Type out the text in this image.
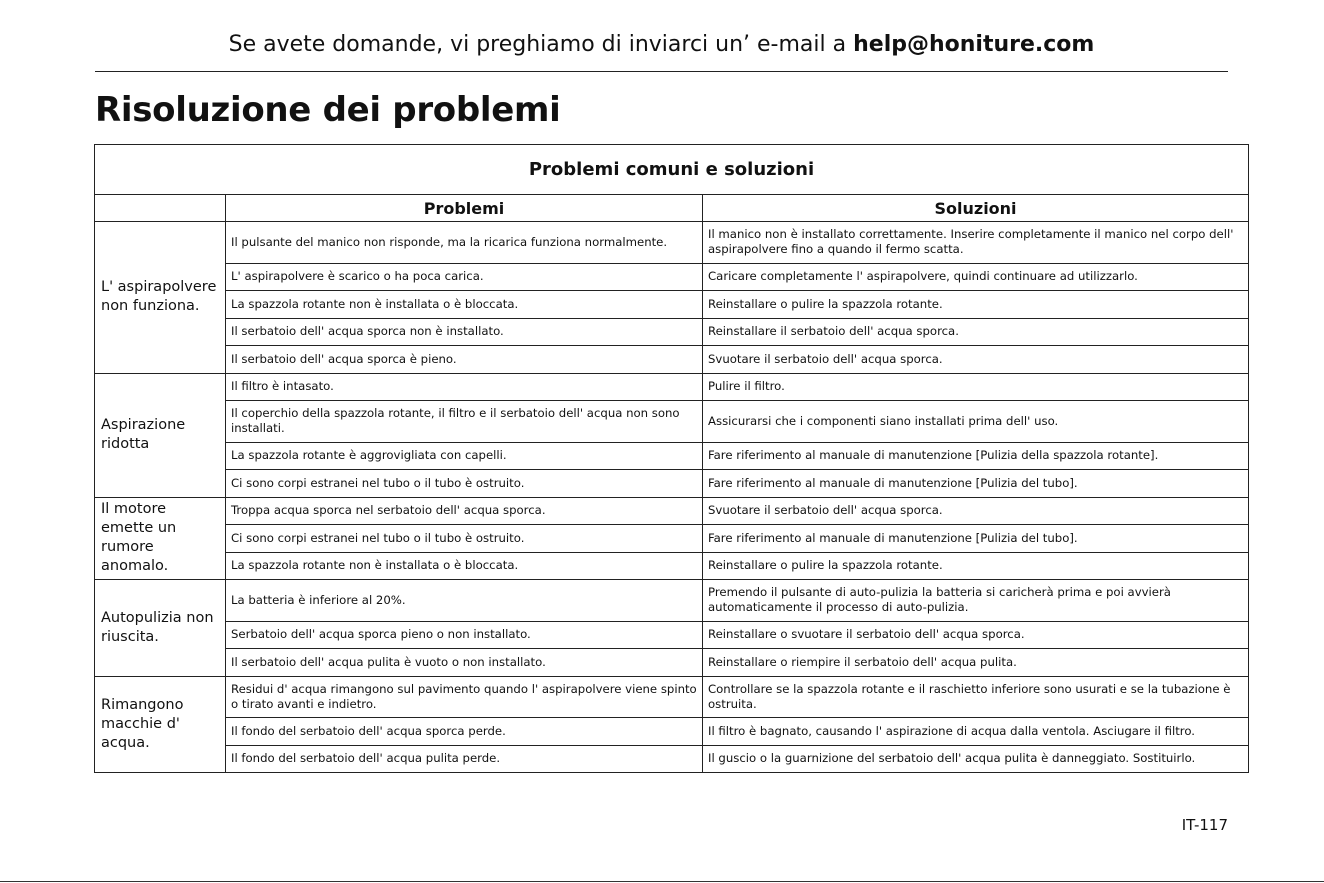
Se avete domande, vi preghiamo di inviarci un’ e-mail a help@honiture.com
Risoluzione dei problemi
Problemi comuni e soluzioni		
	Problemi	Soluzioni
L' aspirapolvere non funziona.	Il pulsante del manico non risponde, ma la ricarica funziona normalmente.	Il manico non è installato correttamente. Inserire completamente il manico nel corpo dell' aspirapolvere fino a quando il fermo scatta.
	L' aspirapolvere è scarico o ha poca carica.	Caricare completamente l' aspirapolvere, quindi continuare ad utilizzarlo.
	La spazzola rotante non è installata o è bloccata.	Reinstallare o pulire la spazzola rotante.
	Il serbatoio dell' acqua sporca non è installato.	Reinstallare il serbatoio dell' acqua sporca.
	Il serbatoio dell' acqua sporca è pieno.	Svuotare il serbatoio dell' acqua sporca.
Aspirazione ridotta	Il filtro è intasato.	Pulire il filtro.
	Il coperchio della spazzola rotante, il filtro e il serbatoio dell' acqua non sono installati.	Assicurarsi che i componenti siano installati prima dell' uso.
	La spazzola rotante è aggrovigliata con capelli.	Fare riferimento al manuale di manutenzione [Pulizia della spazzola rotante].
	Ci sono corpi estranei nel tubo o il tubo è ostruito.	Fare riferimento al manuale di manutenzione [Pulizia del tubo].
Il motore emette un rumore anomalo.	Troppa acqua sporca nel serbatoio dell' acqua sporca.	Svuotare il serbatoio dell' acqua sporca.
	Ci sono corpi estranei nel tubo o il tubo è ostruito.	Fare riferimento al manuale di manutenzione [Pulizia del tubo].
	La spazzola rotante non è installata o è bloccata.	Reinstallare o pulire la spazzola rotante.
Autopulizia non riuscita.	La batteria è inferiore al 20%.	Premendo il pulsante di auto-pulizia la batteria si caricherà prima e poi avvierà automaticamente il processo di auto-pulizia.
	Serbatoio dell' acqua sporca pieno o non installato.	Reinstallare o svuotare il serbatoio dell' acqua sporca.
	Il serbatoio dell' acqua pulita è vuoto o non installato.	Reinstallare o riempire il serbatoio dell' acqua pulita.
Rimangono macchie d' acqua.	Residui d' acqua rimangono sul pavimento quando l' aspirapolvere viene spinto o tirato avanti e indietro.	Controllare se la spazzola rotante e il raschietto inferiore sono usurati e se la tubazione è ostruita.
	Il fondo del serbatoio dell' acqua sporca perde.	Il filtro è bagnato, causando l' aspirazione di acqua dalla ventola. Asciugare il filtro.
	Il fondo del serbatoio dell' acqua pulita perde.	Il guscio o la guarnizione del serbatoio dell' acqua pulita è danneggiato. Sostituirlo.
IT-117
